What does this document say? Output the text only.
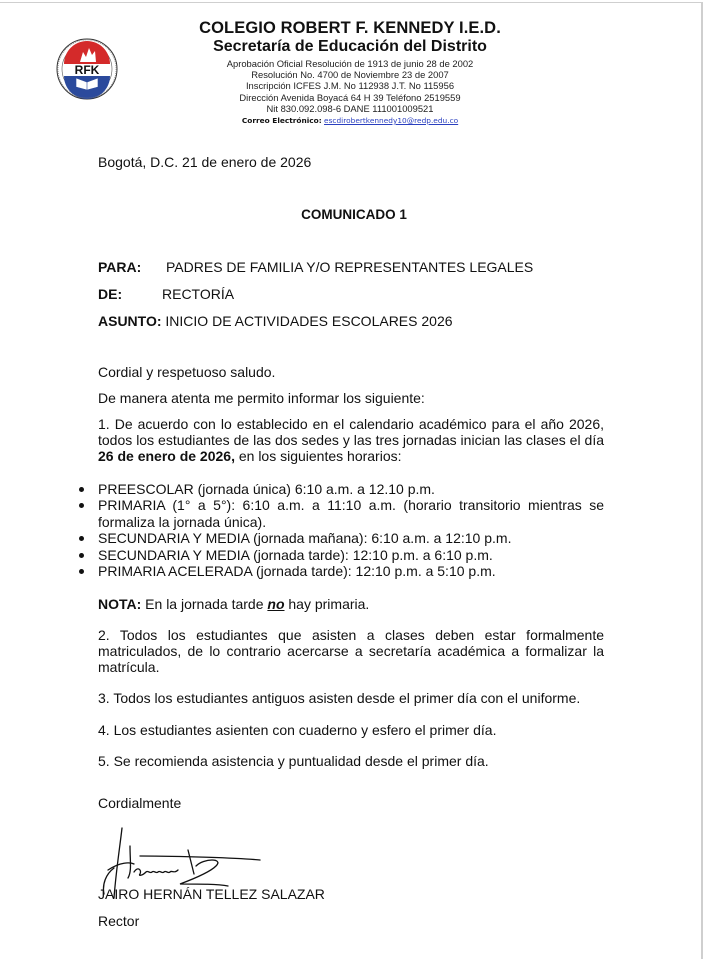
RFK
COLEGIO ROBERT F. KENNEDY I.E.D.
Secretaría de Educación del Distrito
Aprobación Oficial Resolución de 1913 de junio 28 de 2002
Resolución No. 4700 de Noviembre 23 de 2007
Inscripción ICFES J.M. No 112938 J.T. No 115956
Dirección Avenida Boyacá 64 H 39 Teléfono 2519559
Nit 830.092.098-6 DANE 111001009521
Correo Electrónico: escdirobertkennedy10@redp.edu.co
Bogotá, D.C. 21 de enero de 2026
COMUNICADO 1
PARA: PADRES DE FAMILIA Y/O REPRESENTANTES LEGALES
DE:	RECTORÍA
ASUNTO: INICIO DE ACTIVIDADES ESCOLARES 2026
Cordial y respetuoso saludo.
De manera atenta me permito informar los siguiente:
1. De acuerdo con lo establecido en el calendario académico para el año 2026, todos los estudiantes de las dos sedes y las tres jornadas inician las clases el día 26 de enero de 2026, en los siguientes horarios:
PREESCOLAR (jornada única) 6:10 a.m. a 12.10 p.m.
PRIMARIA (1° a 5°): 6:10 a.m. a 11:10 a.m. (horario transitorio mientras se formaliza la jornada única).
SECUNDARIA Y MEDIA (jornada mañana): 6:10 a.m. a 12:10 p.m.
SECUNDARIA Y MEDIA (jornada tarde): 12:10 p.m. a 6:10 p.m.
PRIMARIA ACELERADA (jornada tarde): 12:10 p.m. a 5:10 p.m.
NOTA: En la jornada tarde no hay primaria.
2. Todos los estudiantes que asisten a clases deben estar formalmente matriculados, de lo contrario acercarse a secretaría académica a formalizar la matrícula.
3. Todos los estudiantes antiguos asisten desde el primer día con el uniforme.
4. Los estudiantes asienten con cuaderno y esfero el primer día.
5. Se recomienda asistencia y puntualidad desde el primer día.
Cordialmente
JAIRO HERNÁN TELLEZ SALAZAR
Rector
